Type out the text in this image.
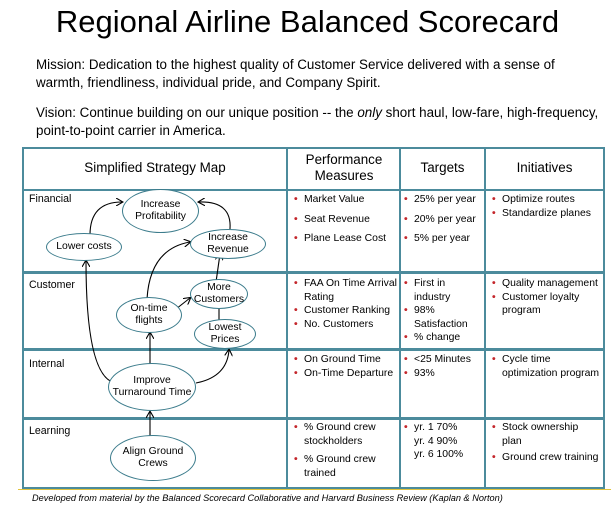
Regional Airline Balanced Scorecard
Mission: Dedication to the highest quality of Customer Service delivered with a sense of warmth, friendliness, individual pride, and Company Spirit.
Vision: Continue building on our unique position -- the only short haul, low-fare, high-frequency, point-to-point carrier in America.
Simplified Strategy Map
Performance Measures
Targets	Initiatives
Financial
Customer
Internal
Learning
• Market Value
• Seat Revenue
• Plane Lease Cost
• 25% per year
• 20% per year
• 5% per year
• Optimize routes
• Standardize planes
• FAA On Time Arrival Rating
• Customer Ranking
• No. Customers
• First in industry
• 98% Satisfaction
• % change
• Quality management
• Customer loyalty program
• On Ground Time
• On-Time Departure
• <25 Minutes
• 93%
• Cycle time optimization program
• % Ground crew stockholders
• % Ground crew trained
• yr. 1 70%
yr. 4 90%
yr. 6 100%
• Stock ownership plan
• Ground crew training
Increase Profitability
Lower costs
Increase Revenue
More Customers
On-time flights
Lowest Prices
Improve Turnaround Time
Align Ground Crews
Developed from material by the Balanced Scorecard Collaborative and Harvard Business Review (Kaplan & Norton)
